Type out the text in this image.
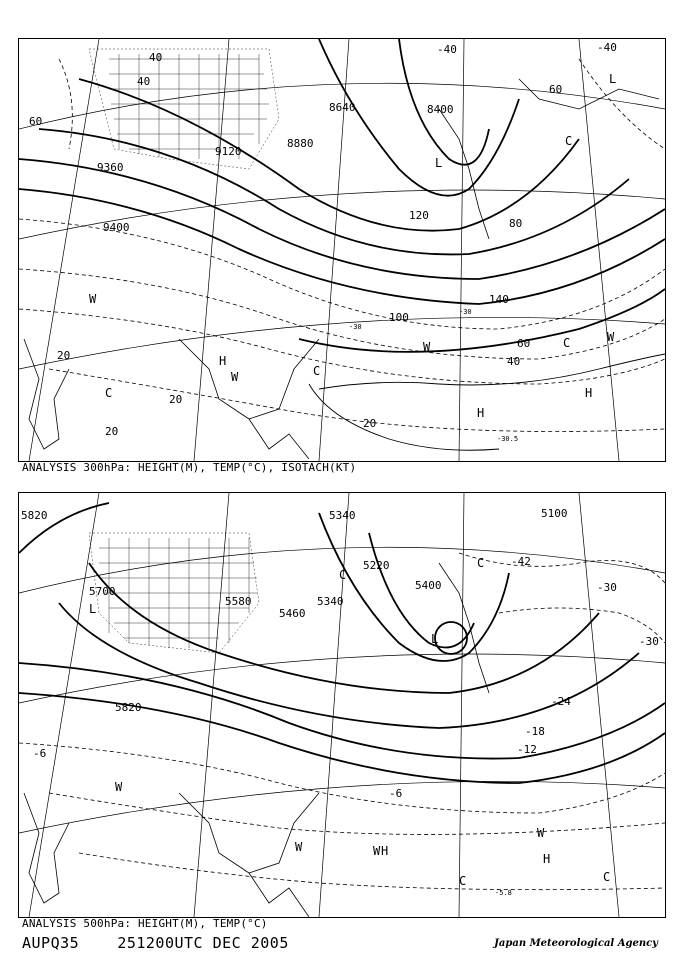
9120
8880
8640	8400
9360
9400
40
60
80
100
120
140
60
40
20
20
20
40
60
20
-40
-40
-30
-30
-30.5
L
L
H
H
H
W
W
W
W
C
C
C
C
ANALYSIS 300hPa: HEIGHT(M), TEMP(°C), ISOTACH(KT)
5820
5700
5580
5340
5340
5220
5400
5460
5100
5820
-42
-30
-30
-24
-18
-12
-6
-6
-5.8
L
L
W
W	W
W
H
H
C
C
C	C
ANALYSIS 500hPa: HEIGHT(M), TEMP(°C)
AUPQ35	251200UTC DEC 2005	Japan Meteorological Agency
